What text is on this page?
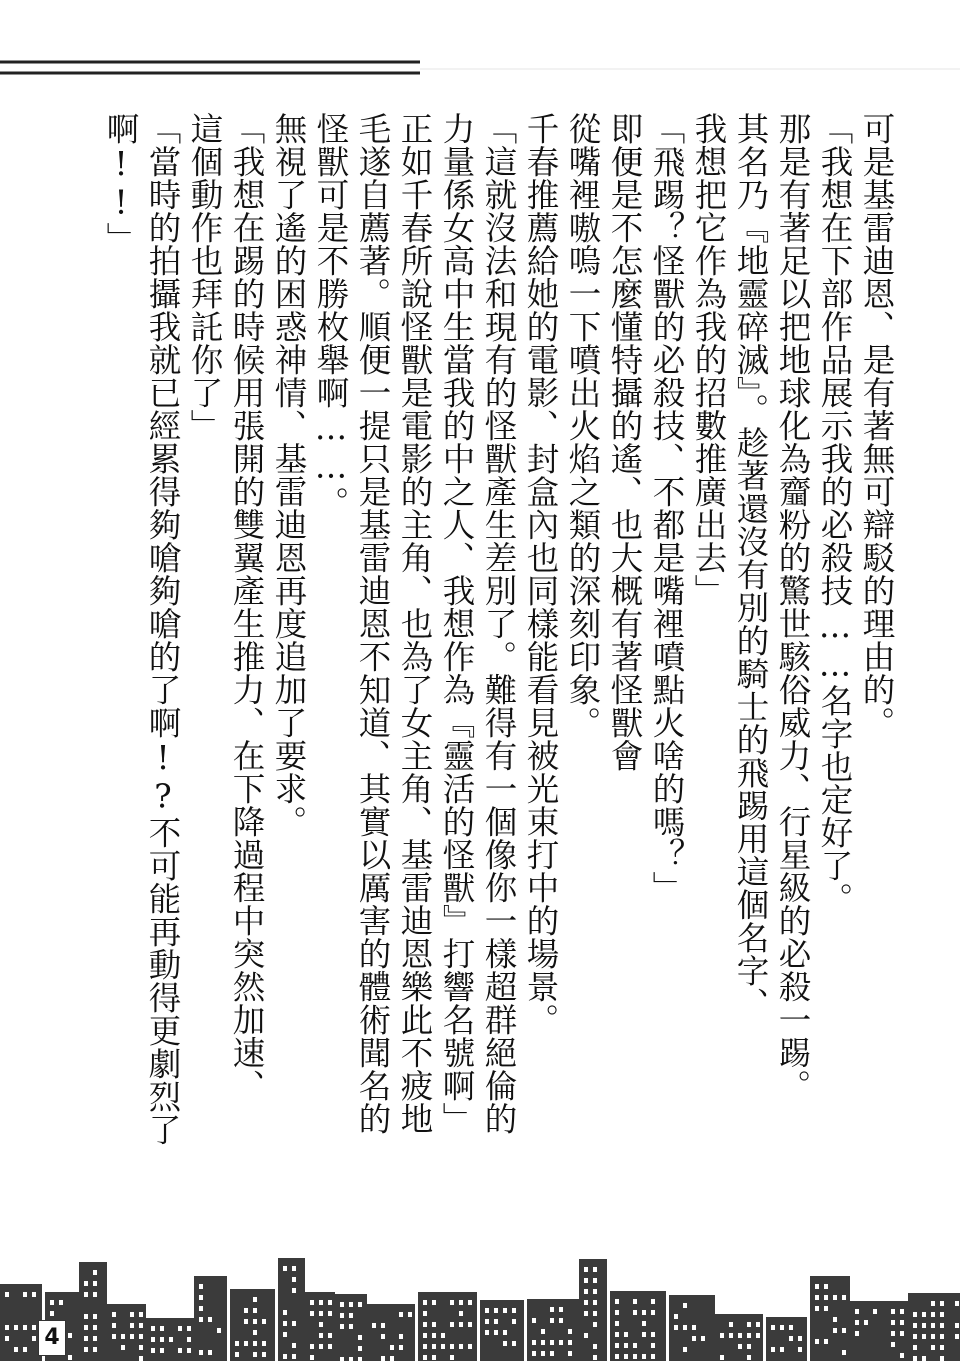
可是基雷迪恩、是有著無可辯駁的理由的。

「我想在下部作品展示我的必殺技……名字也定好了。

那是有著足以把地球化為齏粉的驚世駭俗威力、行星級的必殺一踢。

其名乃『地靈碎滅』。趁著還沒有別的騎士的飛踢用這個名字、

我想把它作為我的招數推廣出去」

「飛踢？怪獸的必殺技、不都是嘴裡噴點火啥的嗎？」

即便是不怎麼懂特攝的遙、也大概有著怪獸會

從嘴裡嗷嗚一下噴出火焰之類的深刻印象。

千春推薦給她的電影、封盒內也同樣能看見被光束打中的場景。

「這就沒法和現有的怪獸產生差別了。難得有一個像你一樣超群絕倫的

力量係女高中生當我的中之人、我想作為『靈活的怪獸』打響名號啊」

正如千春所說怪獸是電影的主角、也為了女主角、基雷迪恩樂此不疲地

毛遂自薦著。順便一提只是基雷迪恩不知道、其實以厲害的體術聞名的

怪獸可是不勝枚舉啊……。

無視了遙的困惑神情、基雷迪恩再度追加了要求。

「我想在踢的時候用張開的雙翼產生推力、在下降過程中突然加速、

這個動作也拜託你了」

「當時的拍攝我就已經累得夠嗆夠嗆的了啊!?不可能再動得更劇烈了啊!!」

4
